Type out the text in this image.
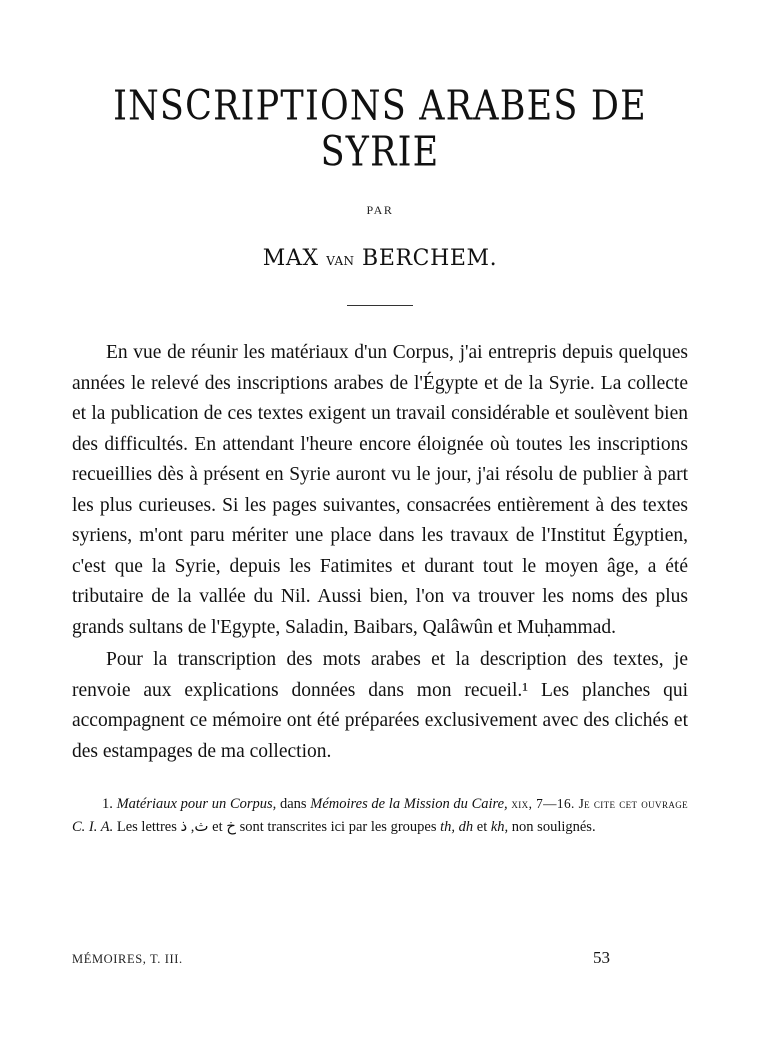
INSCRIPTIONS ARABES DE SYRIE
PAR
MAX van BERCHEM.

En vue de réunir les matériaux d'un Corpus, j'ai entrepris depuis quelques années le relevé des inscriptions arabes de l'Égypte et de la Syrie. La collecte et la publication de ces textes exigent un travail considérable et soulèvent bien des difficultés. En attendant l'heure encore éloignée où toutes les inscriptions recueillies dès à présent en Syrie auront vu le jour, j'ai résolu de publier à part les plus curieuses. Si les pages suivantes, consacrées entièrement à des textes syriens, m'ont paru mériter une place dans les travaux de l'Institut Égyptien, c'est que la Syrie, depuis les Fatimites et durant tout le moyen âge, a été tributaire de la vallée du Nil. Aussi bien, l'on va trouver les noms des plus grands sultans de l'Egypte, Saladin, Baibars, Qalâwûn et Muḥammad.

Pour la transcription des mots arabes et la description des textes, je renvoie aux explications données dans mon recueil.¹ Les planches qui accompagnent ce mémoire ont été préparées exclusivement avec des clichés et des estampages de ma collection.

1. Matériaux pour un Corpus, dans Mémoires de la Mission du Caire, xix, 7—16. Je cite cet ouvrage C. I. A. Les lettres ث, ذ et خ sont transcrites ici par les groupes th, dh et kh, non soulignés.

MÉMOIRES, T. III.	53
